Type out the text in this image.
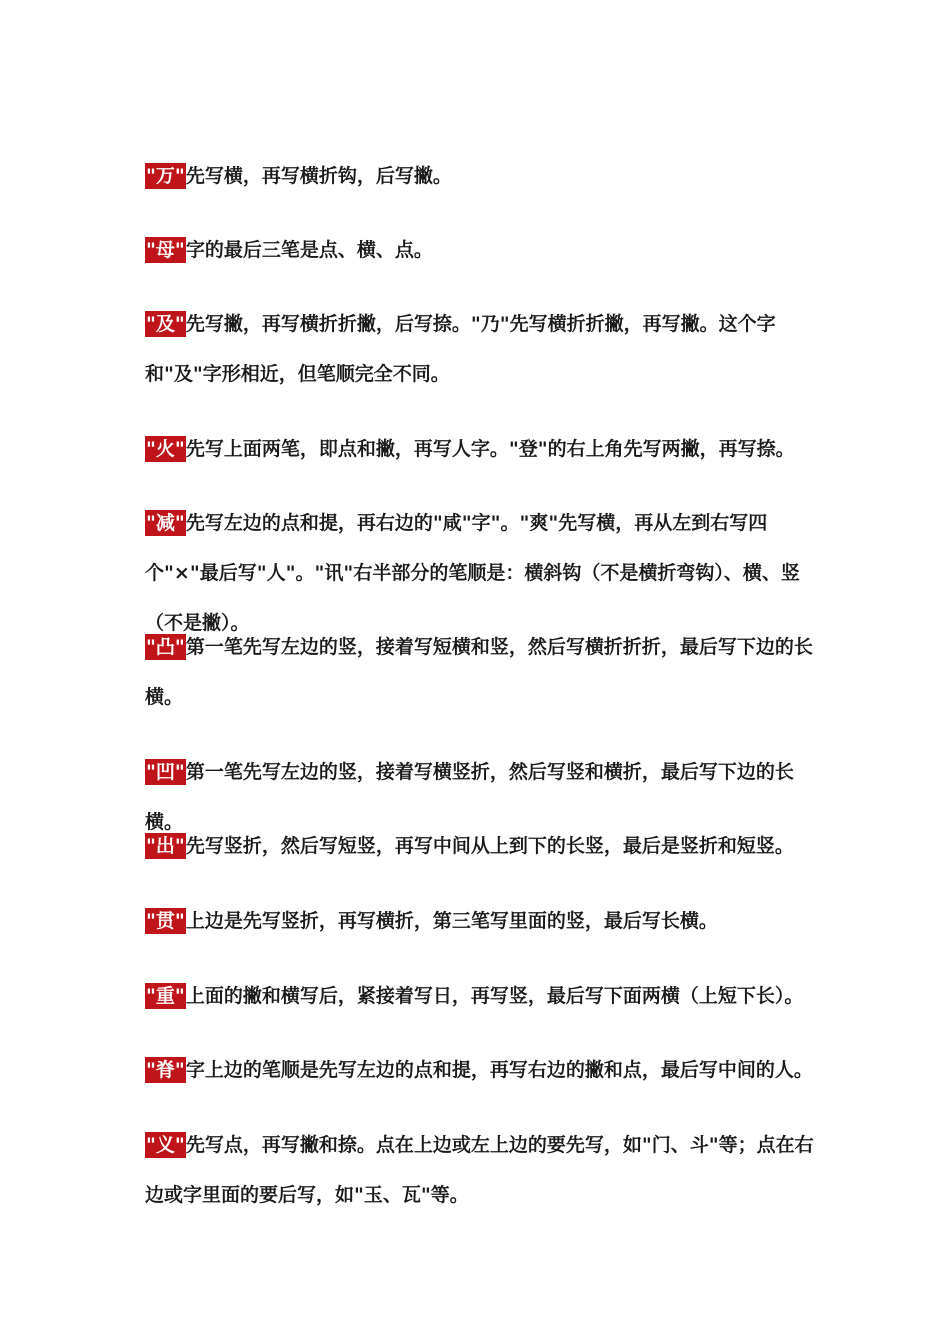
"万"先写横，再写横折钩，后写撇。

"母"字的最后三笔是点、横、点。

"及"先写撇，再写横折折撇，后写捺。"乃"先写横折折撇，再写撇。这个字和"及"字形相近，但笔顺完全不同。

"火"先写上面两笔，即点和撇，再写人字。"登"的右上角先写两撇，再写捺。

"减"先写左边的点和提，再右边的"咸"字"。"爽"先写横，再从左到右写四个"×"最后写"人"。"讯"右半部分的笔顺是：横斜钩（不是横折弯钩）、横、竖（不是撇）。

"凸"第一笔先写左边的竖，接着写短横和竖，然后写横折折折，最后写下边的长横。

"凹"第一笔先写左边的竖，接着写横竖折，然后写竖和横折，最后写下边的长横。

"出"先写竖折，然后写短竖，再写中间从上到下的长竖，最后是竖折和短竖。

"贯"上边是先写竖折，再写横折，第三笔写里面的竖，最后写长横。

"重"上面的撇和横写后，紧接着写日，再写竖，最后写下面两横（上短下长）。

"脊"字上边的笔顺是先写左边的点和提，再写右边的撇和点，最后写中间的人。

"义"先写点，再写撇和捺。点在上边或左上边的要先写，如"门、斗"等；点在右边或字里面的要后写，如"玉、瓦"等。
